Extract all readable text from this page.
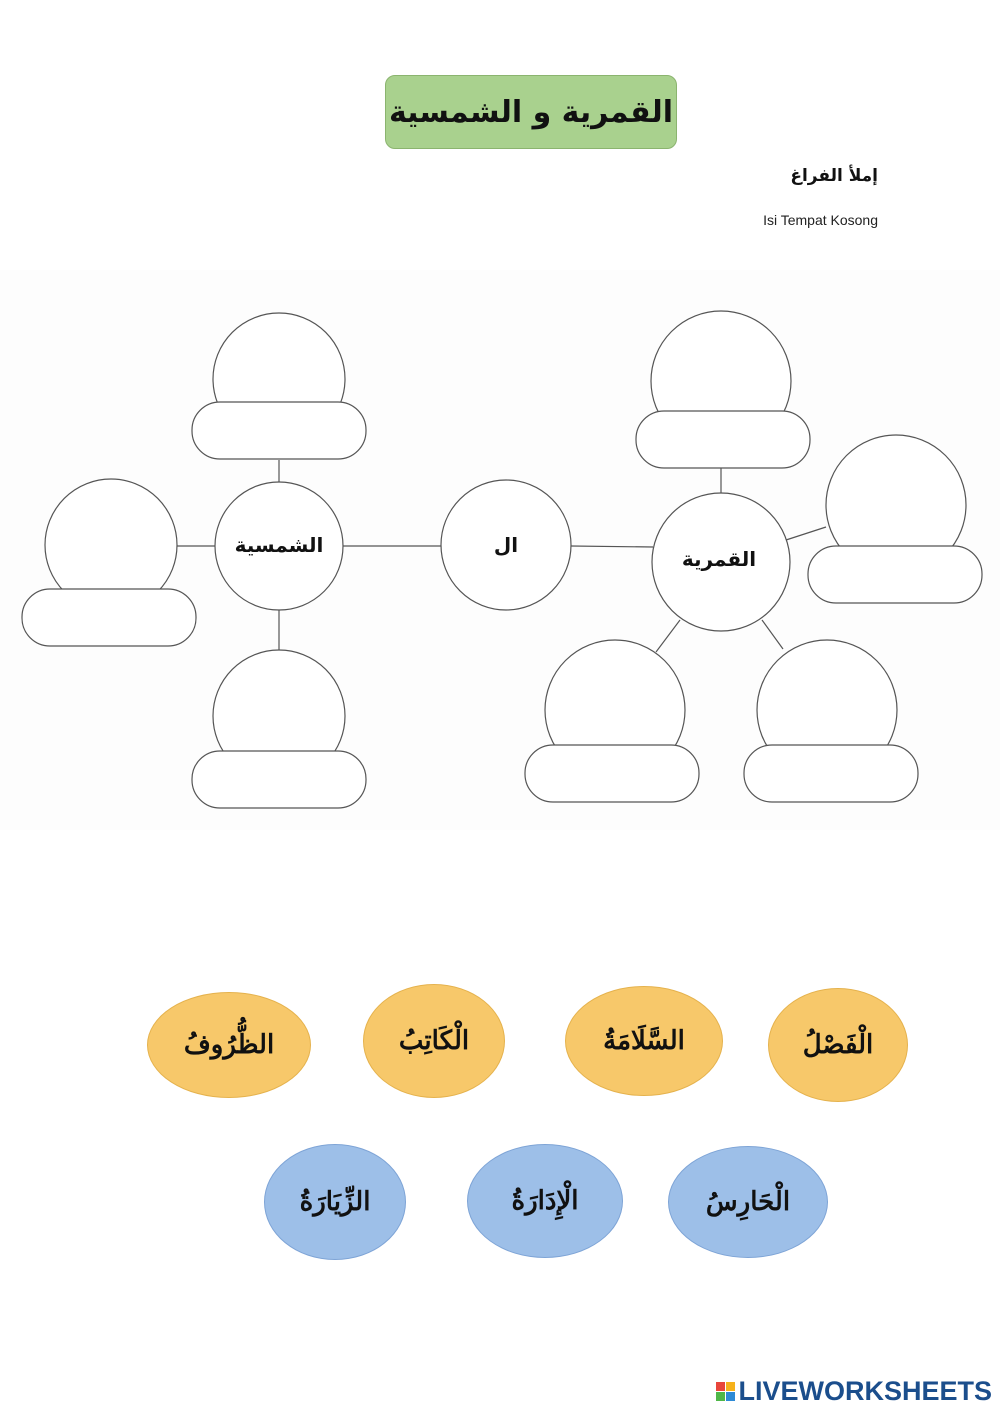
القمرية و الشمسية
إملأ الفراغ
Isi Tempat Kosong
ال
الشمسية
القمرية
الْفَصْلُ
السَّلَامَةُ
الْكَاتِبُ
الظُّرُوفُ
الْحَارِسُ
الْإِدَارَةُ
الزِّيَارَةُ
LIVEWORKSHEETS
